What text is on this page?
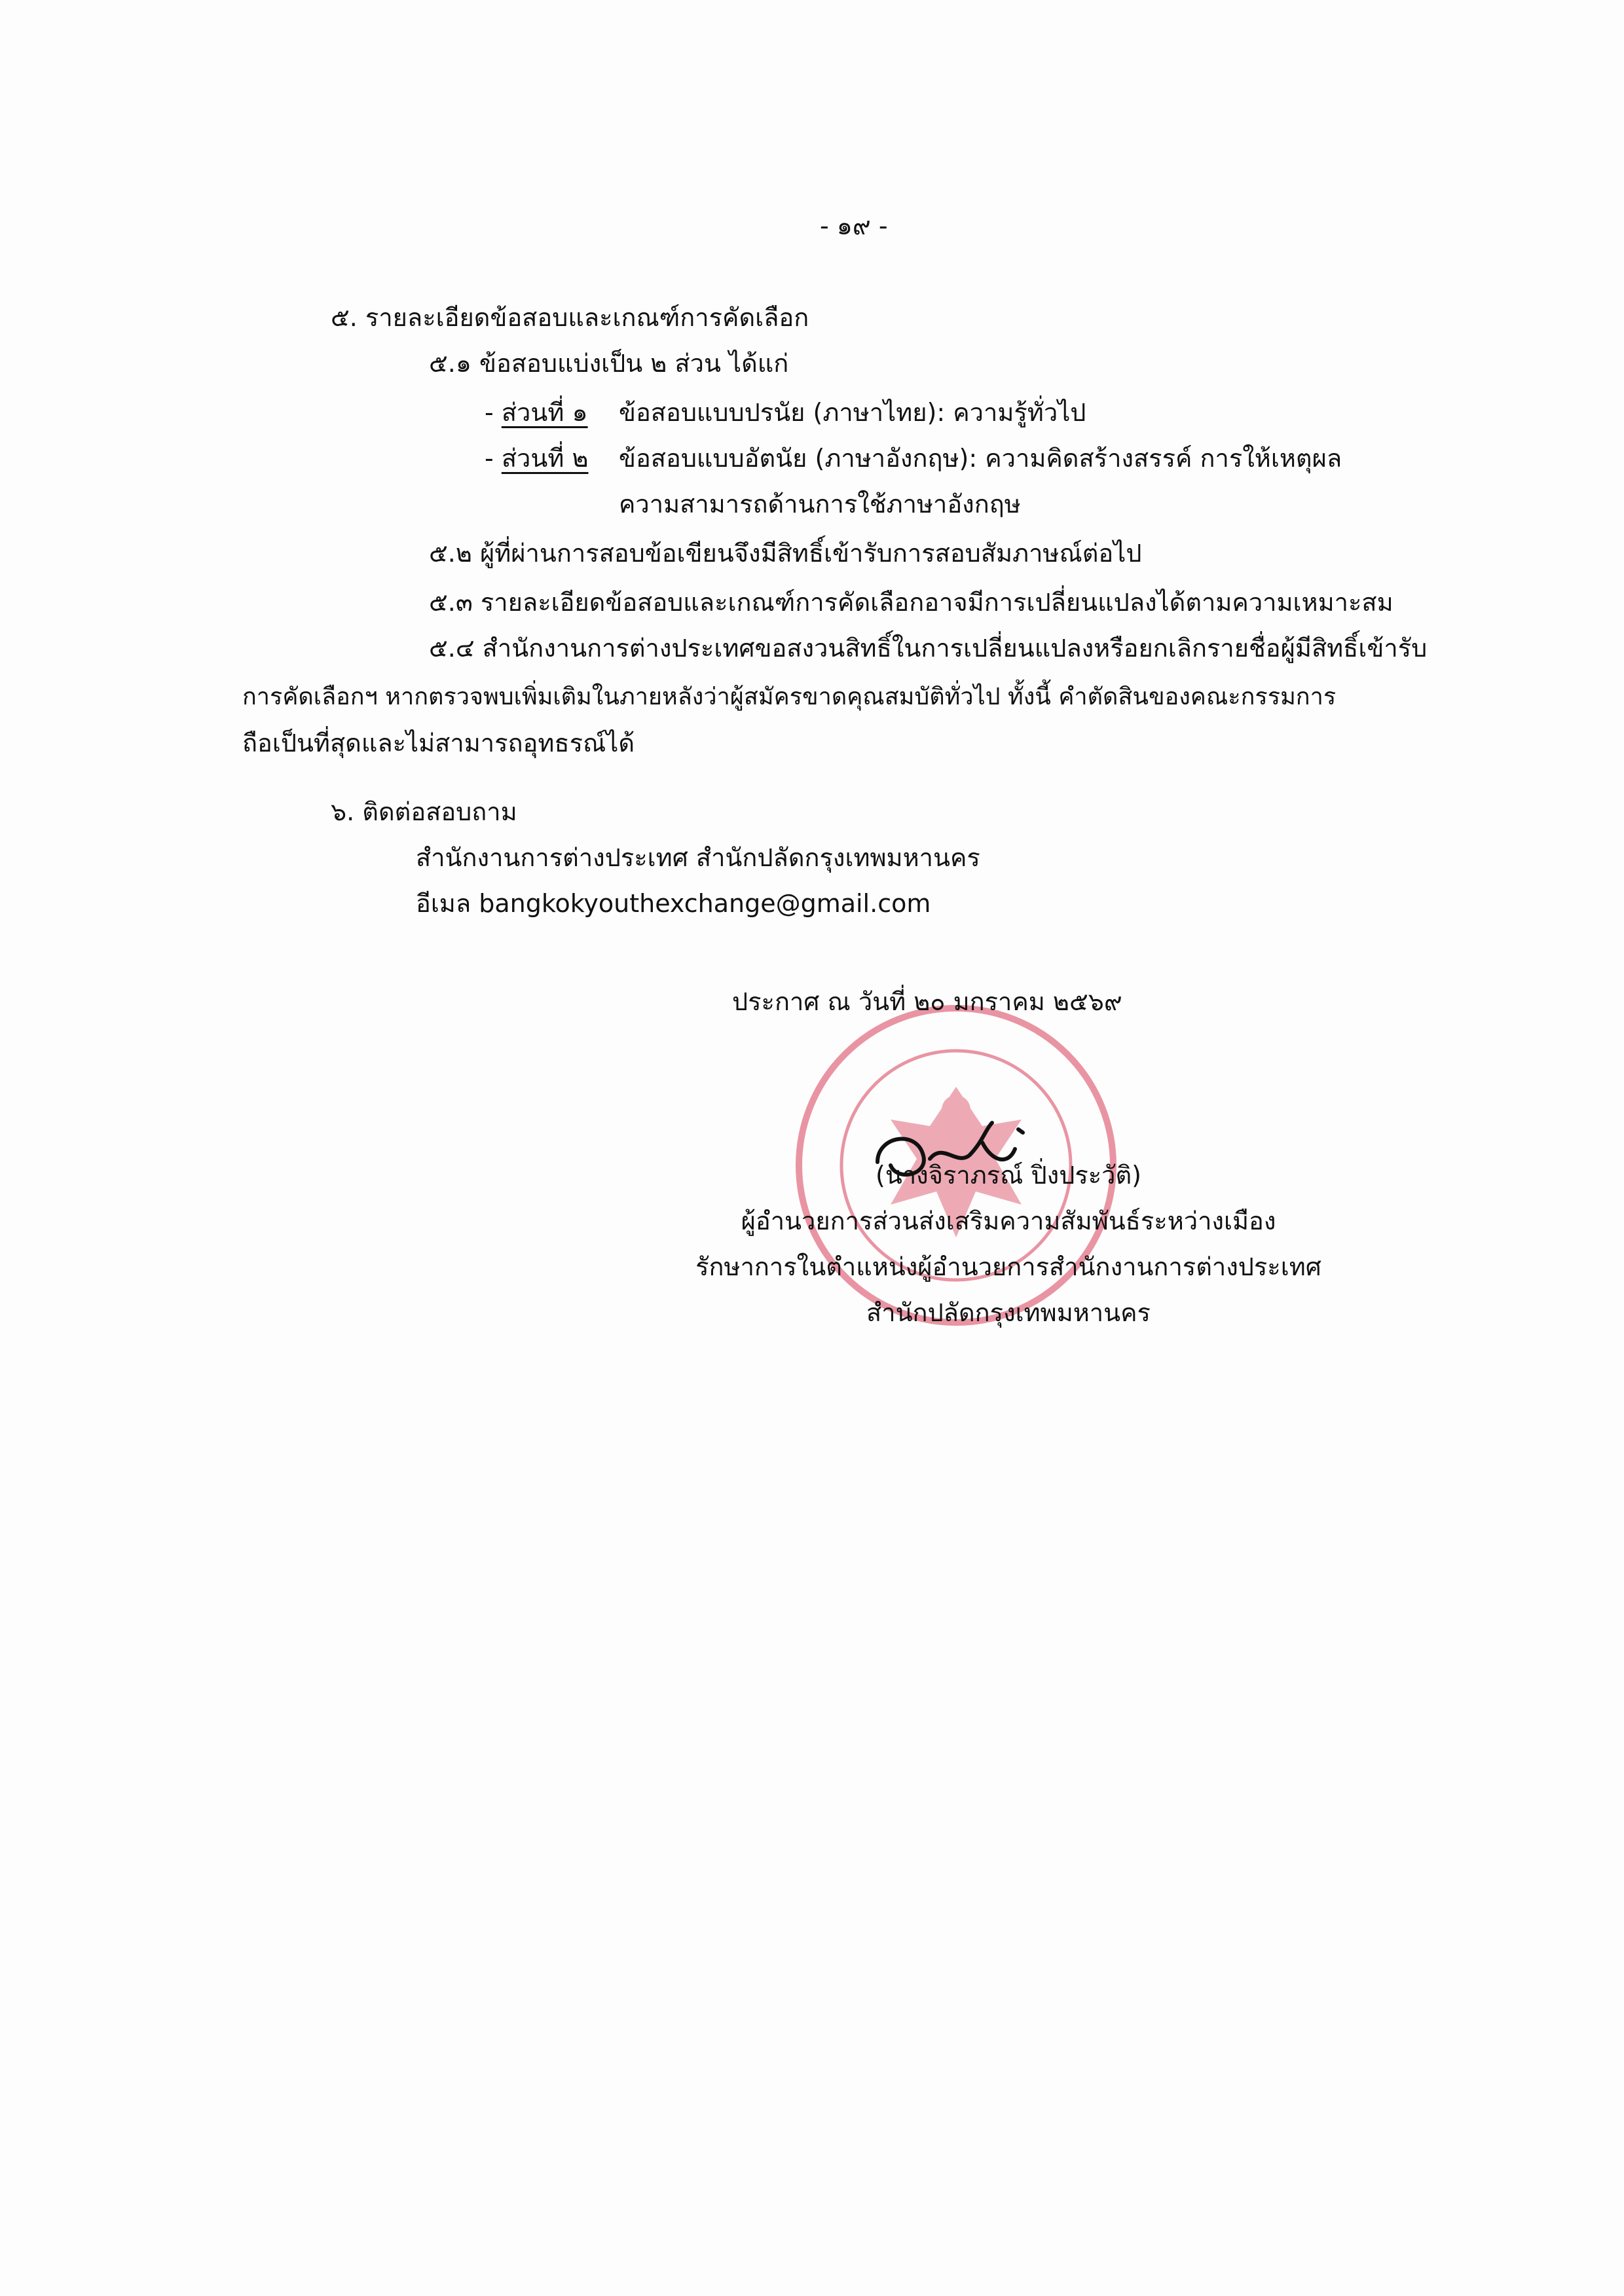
- ๑๙ -

๕. รายละเอียดข้อสอบและเกณฑ์การคัดเลือก

๕.๑ ข้อสอบแบ่งเป็น ๒ ส่วน ได้แก่

- ส่วนที่ ๑ ข้อสอบแบบปรนัย (ภาษาไทย): ความรู้ทั่วไป

- ส่วนที่ ๒ ข้อสอบแบบอัตนัย (ภาษาอังกฤษ): ความคิดสร้างสรรค์ การให้เหตุผล

ความสามารถด้านการใช้ภาษาอังกฤษ

๕.๒ ผู้ที่ผ่านการสอบข้อเขียนจึงมีสิทธิ์เข้ารับการสอบสัมภาษณ์ต่อไป

๕.๓ รายละเอียดข้อสอบและเกณฑ์การคัดเลือกอาจมีการเปลี่ยนแปลงได้ตามความเหมาะสม

๕.๔ สำนักงานการต่างประเทศขอสงวนสิทธิ์ในการเปลี่ยนแปลงหรือยกเลิกรายชื่อผู้มีสิทธิ์เข้ารับ

การคัดเลือกฯ หากตรวจพบเพิ่มเติมในภายหลังว่าผู้สมัครขาดคุณสมบัติทั่วไป ทั้งนี้ คำตัดสินของคณะกรรมการ

ถือเป็นที่สุดและไม่สามารถอุทธรณ์ได้

๖. ติดต่อสอบถาม

สำนักงานการต่างประเทศ สำนักปลัดกรุงเทพมหานคร

อีเมล bangkokyouthexchange@gmail.com

ประกาศ ณ วันที่ ๒๐ มกราคม ๒๕๖๙

(นางจิราภรณ์ ปิ่งประวัติ)

ผู้อำนวยการส่วนส่งเสริมความสัมพันธ์ระหว่างเมือง

รักษาการในตำแหน่งผู้อำนวยการสำนักงานการต่างประเทศ

สำนักปลัดกรุงเทพมหานคร
